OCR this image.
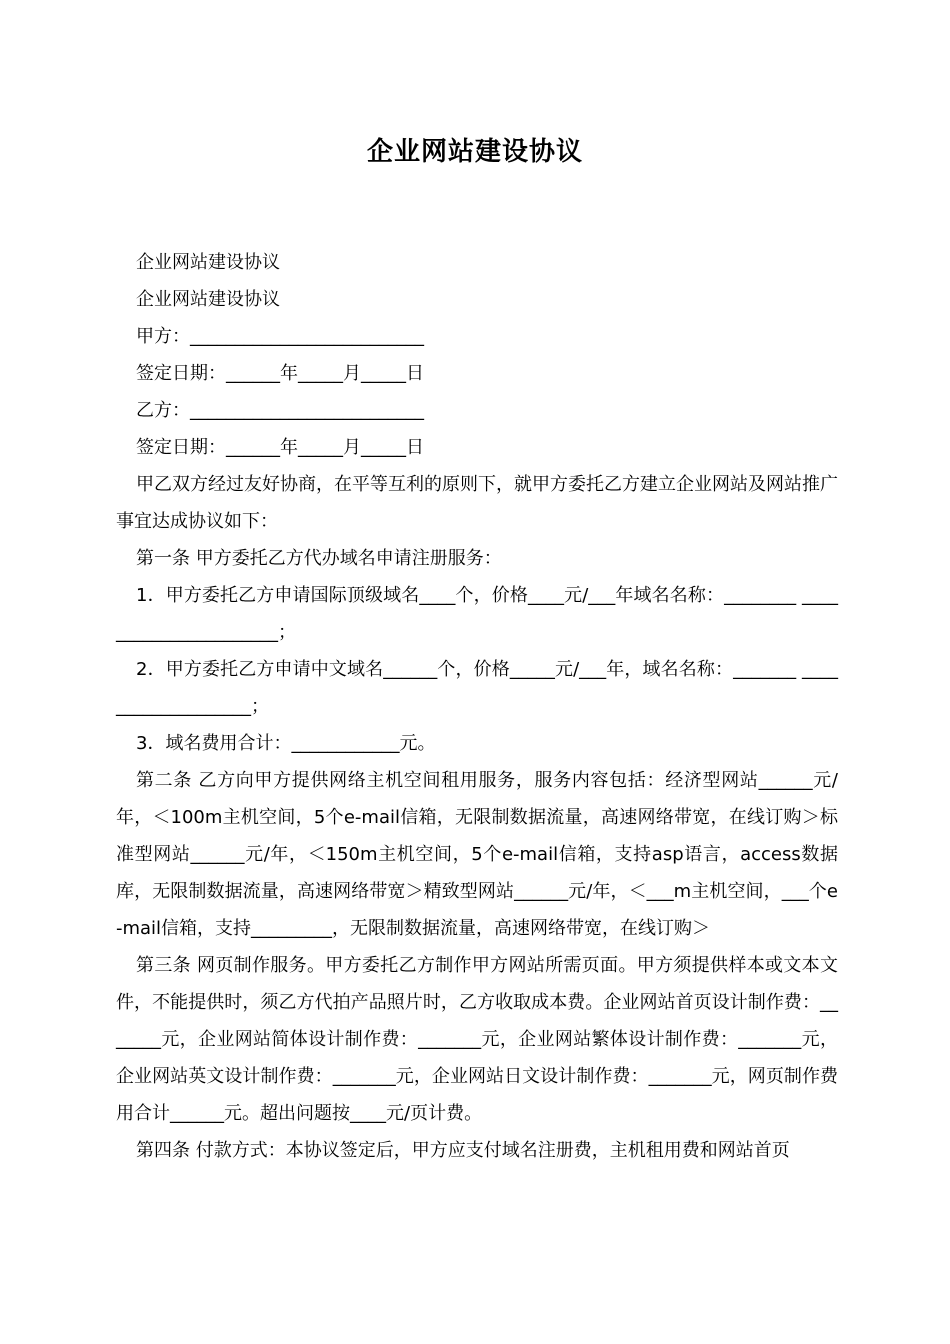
企业网站建设协议

企业网站建设协议

企业网站建设协议

甲方：__________________________

签定日期：______年_____月_____日

乙方：__________________________

签定日期：______年_____月_____日

甲乙双方经过友好协商，在平等互利的原则下，就甲方委托乙方建立企业网站及网站推广事宜达成协议如下：

第一条 甲方委托乙方代办域名申请注册服务：

1．甲方委托乙方申请国际顶级域名____个，价格____元/___年域名名称：________ ______________________；

2．甲方委托乙方申请中文域名______个，价格_____元/___年，域名名称：_______ ___________________；

3．域名费用合计：____________元。

第二条 乙方向甲方提供网络主机空间租用服务，服务内容包括：经济型网站______元/年，＜100m主机空间，5个e-mail信箱，无限制数据流量，高速网络带宽，在线订购＞标准型网站______元/年，＜150m主机空间，5个e-mail信箱，支持asp语言，access数据库，无限制数据流量，高速网络带宽＞精致型网站______元/年，＜___m主机空间，___个e-mail信箱，支持_________，无限制数据流量，高速网络带宽，在线订购＞

第三条 网页制作服务。甲方委托乙方制作甲方网站所需页面。甲方须提供样本或文本文件，不能提供时，须乙方代拍产品照片时，乙方收取成本费。企业网站首页设计制作费：_______元，企业网站简体设计制作费：_______元，企业网站繁体设计制作费：_______元，企业网站英文设计制作费：_______元，企业网站日文设计制作费：_______元，网页制作费用合计______元。超出问题按____元/页计费。

第四条 付款方式：本协议签定后，甲方应支付域名注册费，主机租用费和网站首页
